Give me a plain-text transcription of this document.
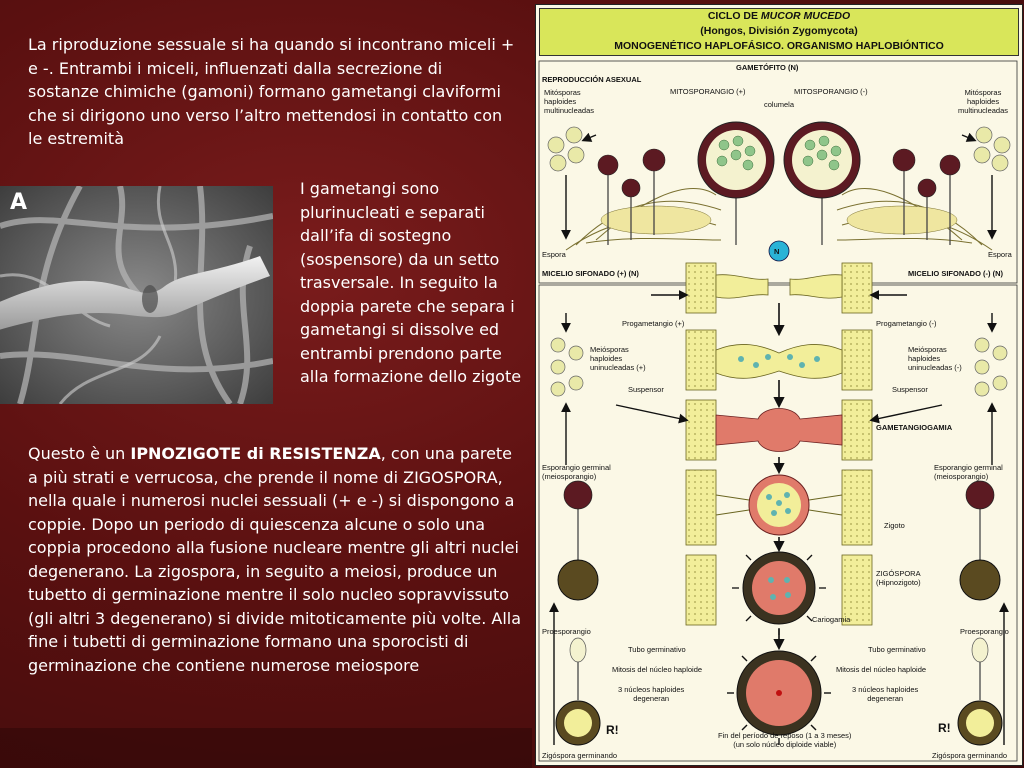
La riproduzione sessuale si ha quando si incontrano miceli + e -. Entrambi i miceli, influenzati dalla secrezione di sostanze chimiche (gamoni) formano gametangi claviformi che si dirigono uno verso l’altro mettendosi in contatto con le estremità

A

I gametangi sono plurinucleati e separati dall’ifa di sostegno (sospensore) da un setto trasversale. In seguito la doppia parete che separa i gametangi si dissolve ed entrambi prendono parte alla formazione dello zigote

Questo è un IPNOZIGOTE di RESISTENZA, con una parete a più strati e verrucosa, che prende il nome di ZIGOSPORA, nella quale i numerosi nuclei sessuali (+ e -) si dispongono a coppie. Dopo un periodo di quiescenza alcune o solo una coppia procedono alla fusione nucleare mentre gli altri nuclei degenerano. La zigospora, in seguito a meiosi, produce un tubetto di germinazione mentre il solo nucleo sopravvissuto (gli altri 3 degenerano) si divide mitoticamente più volte. Alla fine i tubetti di germinazione formano una sporocisti di germinazione che contiene numerose meiospore

CICLO DE MUCOR MUCEDO
(Hongos, División Zygomycota)
MONOGENÉTICO HAPLOFÁSICO. ORGANISMO HAPLOBIÓNTICO
GAMETÓFITO (N)
REPRODUCCIÓN ASEXUAL
Mitósporas
haploides
multinucleadas
MITOSPORANGIO (+)
columela
MITOSPORANGIO (-)	Mitósporas
haploides
multinucleadas
Espora	Espora
N
MICELIO SIFONADO (+) (N)	MICELIO SIFONADO (-) (N)
Progametangio (+)	Progametangio (-)
Meiósporas
haploides
uninucleadas (+)
Meiósporas
haploides
uninucleadas (-)
Suspensor	Suspensor
GAMETANGIOGAMIA
Esporangio germinal
(meiosporangio)
Esporangio germinal
(meiosporangio)
Zigoto
ZIGÓSPORA
(Hipnozigoto)
Cariogamia
Proesporangio	Proesporangio
Tubo germinativo	Tubo germinativo
Mitosis del núcleo haploide	Mitosis del núcleo haploide
3 núcleos haploides
degeneran
3 núcleos haploides
degeneran
R!	R!
Fin del período de reposo (1 a 3 meses)
(un solo núcleo diploide viable)
Zigóspora germinando	Zigóspora germinando
